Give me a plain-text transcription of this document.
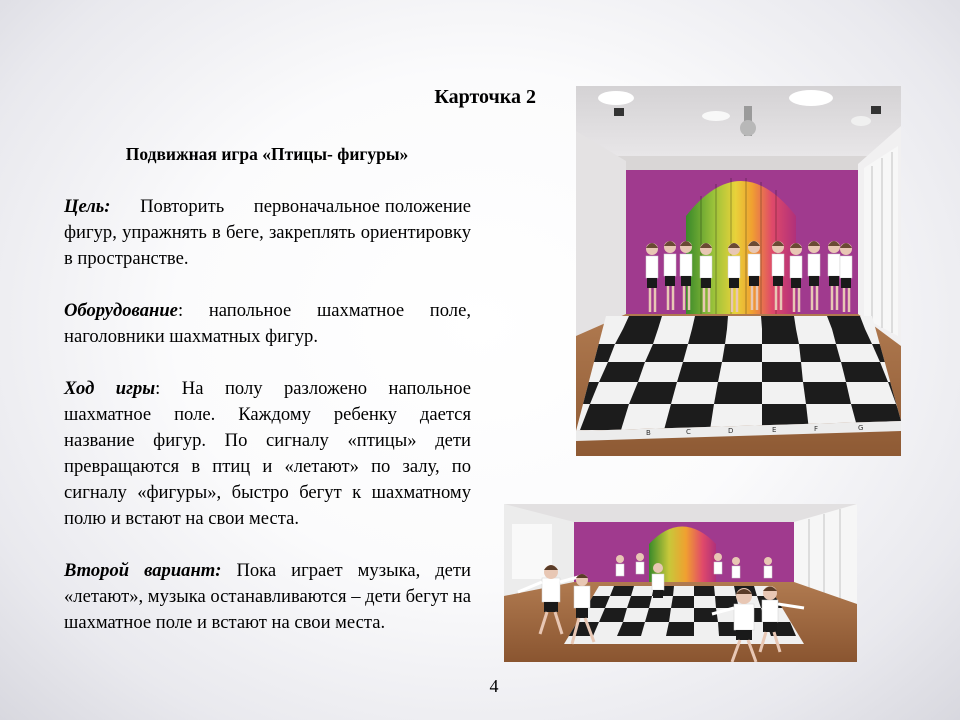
Карточка 2
Подвижная игра «Птицы- фигуры»

Цель:      Повторить      первоначальное положение фигур, упражнять в беге, закреплять ориентировку в пространстве.

Оборудование: напольное шахматное поле, наголовники шахматных фигур.

Ход игры: На полу разложено напольное шахматное поле. Каждому ребенку дается название фигур. По сигналу «птицы» дети превращаются в птиц и «летают» по залу, по сигналу «фигуры», быстро бегут к шахматному полю и встают на свои места.

Второй вариант: Пока играет музыка, дети «летают», музыка останавливаются – дети бегут на шахматное поле и встают на свои места.

B	C	D	E	F	G
4
